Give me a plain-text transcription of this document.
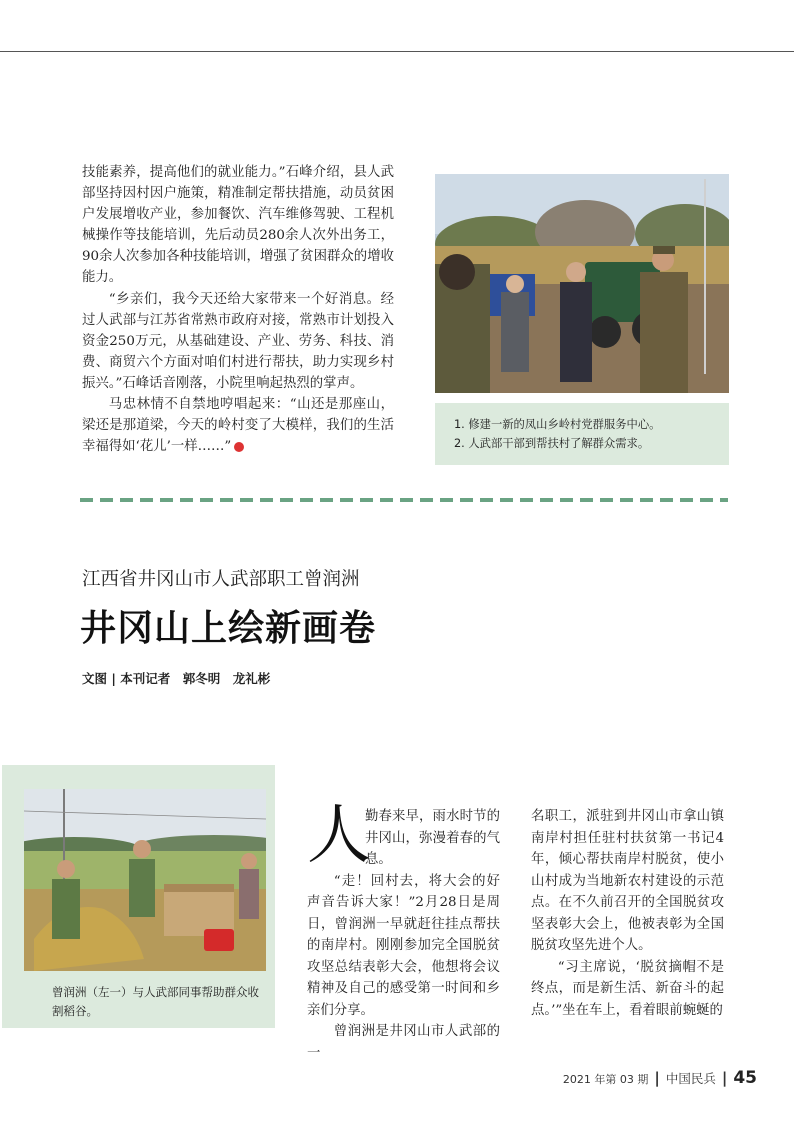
技能素养，提高他们的就业能力。”石峰介绍，县人武部坚持因村因户施策，精准制定帮扶措施，动员贫困户发展增收产业，参加餐饮、汽车维修驾驶、工程机械操作等技能培训，先后动员280余人次外出务工，90余人次参加各种技能培训，增强了贫困群众的增收能力。

“乡亲们，我今天还给大家带来一个好消息。经过人武部与江苏省常熟市政府对接，常熟市计划投入资金250万元，从基础建设、产业、劳务、科技、消费、商贸六个方面对咱们村进行帮扶，助力实现乡村振兴。”石峰话音刚落，小院里响起热烈的掌声。

马忠林情不自禁地哼唱起来：“山还是那座山，梁还是那道梁，今天的岭村变了大模样，我们的生活幸福得如‘花儿’一样……”	兵

1. 修建一新的凤山乡岭村党群服务中心。
2. 人武部干部到帮扶村了解群众需求。
江西省井冈山市人武部职工曾润洲
井冈山上绘新画卷
文图 | 本刊记者　郭冬明　龙礼彬
曾润洲（左一）与人武部同事帮助群众收割稻谷。

人
勤春来早，雨水时节的井冈山，弥漫着春的气息。

“走！回村去，将大会的好声音告诉大家！”2月28日是周日，曾润洲一早就赶往挂点帮扶的南岸村。刚刚参加完全国脱贫攻坚总结表彰大会，他想将会议精神及自己的感受第一时间和乡亲们分享。

曾润洲是井冈山市人武部的一

名职工，派驻到井冈山市拿山镇南岸村担任驻村扶贫第一书记4年，倾心帮扶南岸村脱贫，使小山村成为当地新农村建设的示范点。在不久前召开的全国脱贫攻坚表彰大会上，他被表彰为全国脱贫攻坚先进个人。

“习主席说，‘脱贫摘帽不是终点，而是新生活、新奋斗的起点。’”坐在车上，看着眼前蜿蜒的

2021 年第 03 期 | 中国民兵 | 45
